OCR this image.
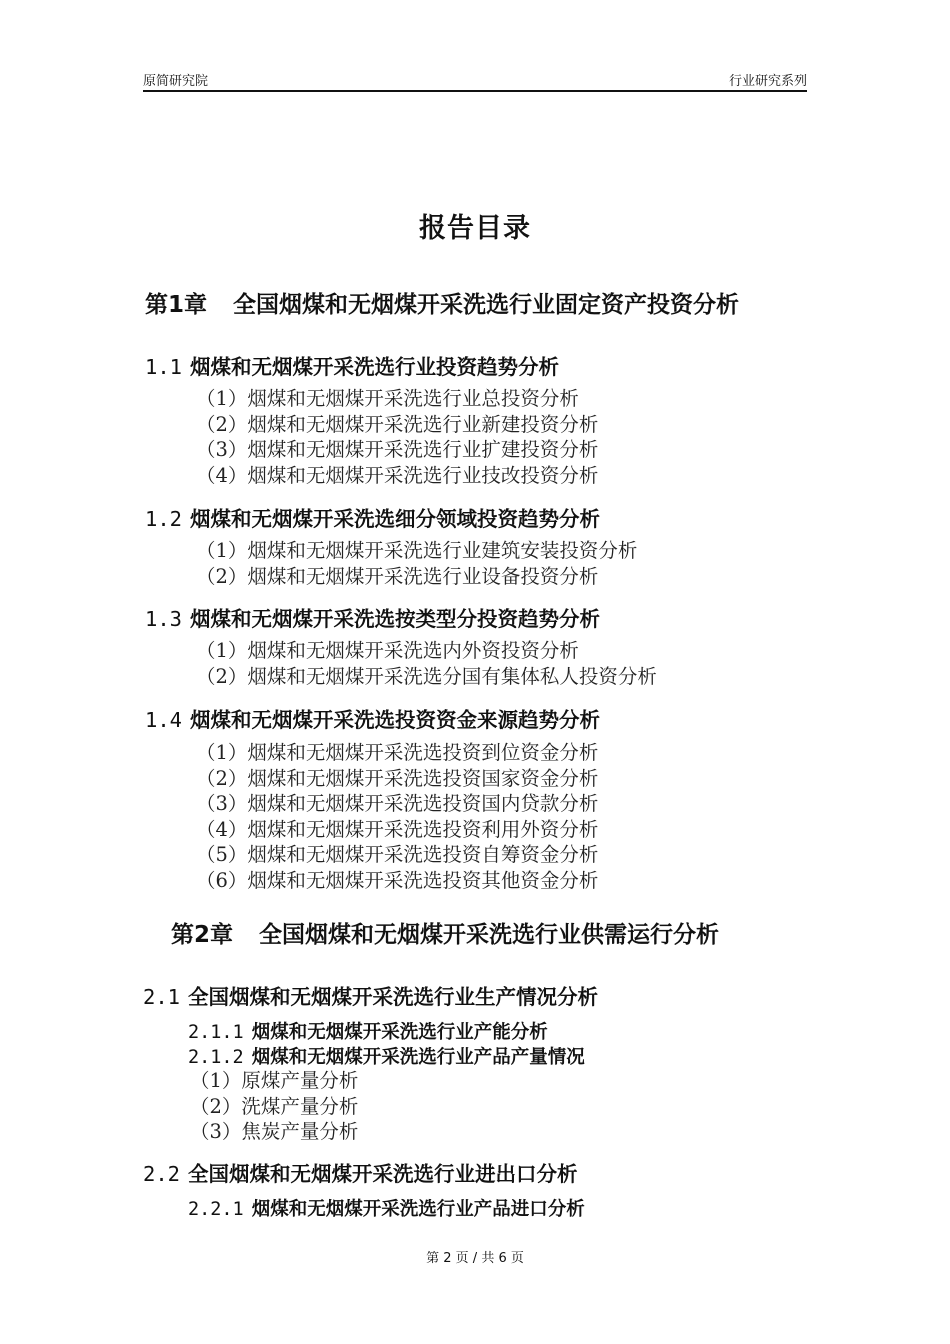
原简研究院	行业研究系列
报告目录
第1章 全国烟煤和无烟煤开采洗选行业固定资产投资分析
1.1 烟煤和无烟煤开采洗选行业投资趋势分析
（1）烟煤和无烟煤开采洗选行业总投资分析
（2）烟煤和无烟煤开采洗选行业新建投资分析
（3）烟煤和无烟煤开采洗选行业扩建投资分析
（4）烟煤和无烟煤开采洗选行业技改投资分析
1.2 烟煤和无烟煤开采洗选细分领域投资趋势分析
（1）烟煤和无烟煤开采洗选行业建筑安装投资分析
（2）烟煤和无烟煤开采洗选行业设备投资分析
1.3 烟煤和无烟煤开采洗选按类型分投资趋势分析
（1）烟煤和无烟煤开采洗选内外资投资分析
（2）烟煤和无烟煤开采洗选分国有集体私人投资分析
1.4 烟煤和无烟煤开采洗选投资资金来源趋势分析
（1）烟煤和无烟煤开采洗选投资到位资金分析
（2）烟煤和无烟煤开采洗选投资国家资金分析
（3）烟煤和无烟煤开采洗选投资国内贷款分析
（4）烟煤和无烟煤开采洗选投资利用外资分析
（5）烟煤和无烟煤开采洗选投资自筹资金分析
（6）烟煤和无烟煤开采洗选投资其他资金分析
第2章 全国烟煤和无烟煤开采洗选行业供需运行分析
2.1 全国烟煤和无烟煤开采洗选行业生产情况分析
2.1.1 烟煤和无烟煤开采洗选行业产能分析
2.1.2 烟煤和无烟煤开采洗选行业产品产量情况
（1）原煤产量分析
（2）洗煤产量分析
（3）焦炭产量分析
2.2 全国烟煤和无烟煤开采洗选行业进出口分析
2.2.1 烟煤和无烟煤开采洗选行业产品进口分析
第 2 页 / 共 6 页
